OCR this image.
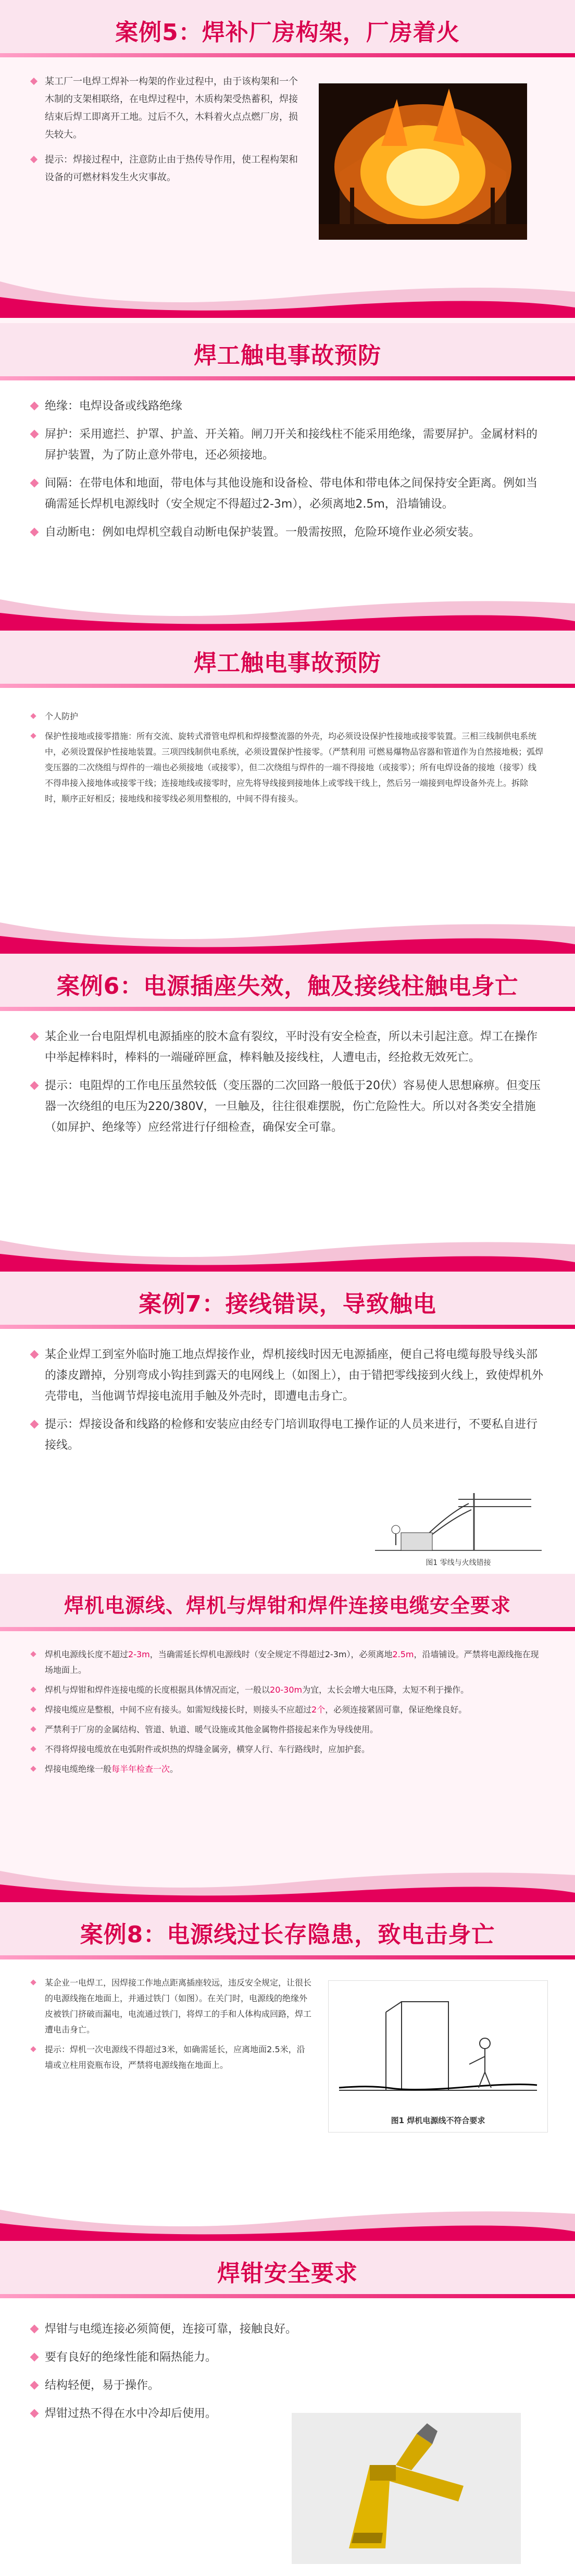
案例5：焊补厂房构架，厂房着火
某工厂一电焊工焊补一构架的作业过程中，由于该构架和一个木制的支架相联络，在电焊过程中，木质构架受热蓄积，焊接结束后焊工即离开工地。过后不久，木料着火点点燃厂房，损失较大。
提示：焊接过程中，注意防止由于热传导作用，使工程构架和设备的可燃材料发生火灾事故。
焊工触电事故预防
绝缘：电焊设备或线路绝缘
屏护：采用遮拦、护罩、护盖、开关箱。闸刀开关和接线柱不能采用绝缘，需要屏护。金属材料的屏护装置，为了防止意外带电，还必须接地。
间隔：在带电体和地面，带电体与其他设施和设备检、带电体和带电体之间保持安全距离。例如当确需延长焊机电源线时（安全规定不得超过2-3m），必须离地2.5m，沿墙铺设。
自动断电：例如电焊机空载自动断电保护装置。一般需按照，危险环境作业必须安装。
焊工触电事故预防
个人防护
保护性接地或接零措施：所有交流、旋转式滑管电焊机和焊接整流器的外壳，均必须设设保护性接地或接零装置。三相三线制供电系统中，必须设置保护性接地装置。三项四线制供电系统，必须设置保护性接零。（严禁利用 可燃易爆物品容器和管道作为自然接地极；弧焊变压器的二次绕组与焊件的一端也必须接地（或接零），但二次绕组与焊件的一端不得接地（或接零）；所有电焊设备的接地（接零）线不得串接入接地体或接零干线；连接地线或接零时，应先将导线接到接地体上或零线干线上，然后另一端接到电焊设备外壳上。拆除时，顺序正好相反；接地线和接零线必须用整根的，中间不得有接头。
案例6：电源插座失效，触及接线柱触电身亡
某企业一台电阻焊机电源插座的胶木盒有裂纹，平时没有安全检查，所以未引起注意。焊工在操作中举起棒料时，棒料的一端碰碎匣盒，棒料触及接线柱，人遭电击，经抢救无效死亡。
提示：电阻焊的工作电压虽然较低（变压器的二次回路一般低于20伏）容易使人思想麻痹。但变压器一次绕组的电压为220/380V，一旦触及，往往很难摆脱，伤亡危险性大。所以对各类安全措施（如屏护、绝缘等）应经常进行仔细检查，确保安全可靠。
案例7：接线错误，导致触电
某企业焊工到室外临时施工地点焊接作业，焊机接线时因无电源插座，便自己将电缆每股导线头部的漆皮蹭掉，分别弯成小钩挂到露天的电网线上（如图上），由于错把零线接到火线上，致使焊机外壳带电，当他调节焊接电流用手触及外壳时，即遭电击身亡。
提示：焊接设备和线路的检修和安装应由经专门培训取得电工操作证的人员来进行，不要私自进行接线。
图1 零线与火线错接
焊机电源线、焊机与焊钳和焊件连接电缆安全要求
焊机电源线长度不超过2-3m，当确需延长焊机电源线时（安全规定不得超过2-3m），必须离地2.5m，沿墙铺设。严禁将电源线拖在现场地面上。
焊机与焊钳和焊件连接电缆的长度根据具体情况而定，一般以20-30m为宜，太长会增大电压降，太短不利于操作。
焊接电缆应是整根，中间不应有接头。如需短线接长时，则接头不应超过2个，必须连接紧固可靠，保证绝缘良好。
严禁利于厂房的金属结构、管道、轨道、暖气设施或其他金属物件搭接起来作为导线使用。
不得将焊接电缆放在电弧附件或炽热的焊缝金属旁，横穿人行、车行路线时，应加护套。
焊接电缆绝缘一般每半年检查一次。
案例8：电源线过长存隐患，致电击身亡
某企业一电焊工，因焊接工作地点距离插座较远，违反安全规定，让很长的电源线拖在地面上，并通过铁门（如图）。在关门时，电源线的绝缘外皮被铁门挤破而漏电，电流通过铁门，将焊工的手和人体构成回路，焊工遭电击身亡。
提示：焊机一次电源线不得超过3米，如确需延长，应离地面2.5米，沿墙或立柱用瓷瓶布设，严禁将电源线拖在地面上。
图1 焊机电源线不符合要求
焊钳安全要求
焊钳与电缆连接必须简便，连接可靠，接触良好。
要有良好的绝缘性能和隔热能力。
结构轻便，易于操作。
焊钳过热不得在水中冷却后使用。
